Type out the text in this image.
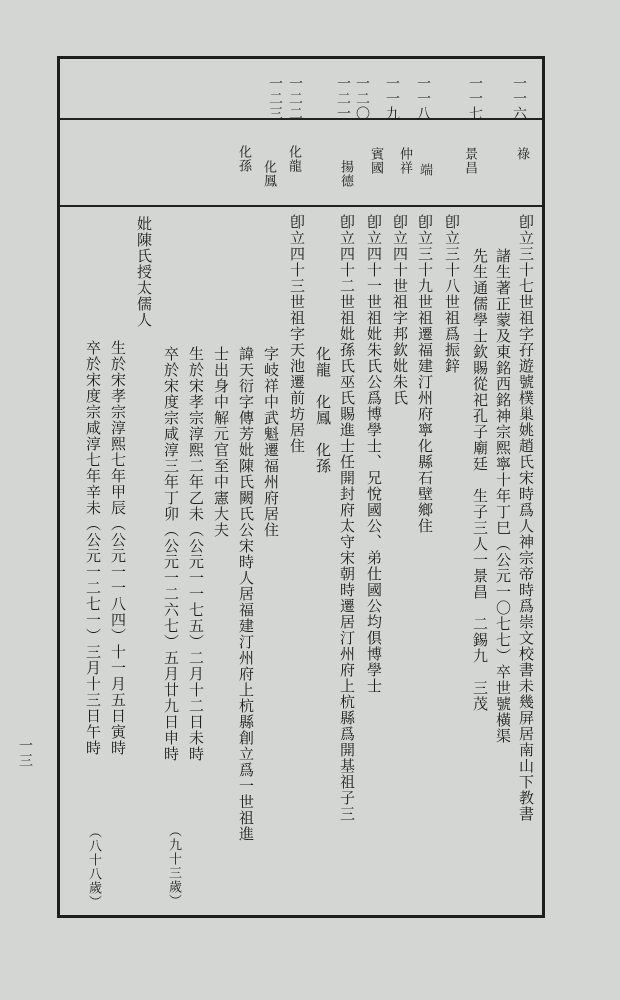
一一六
一一七
一一八
一一九
一二〇
一二一
一二二
一二三
祿
景昌
端
仲祥
賓國
揚德
化龍
化孫
化鳳
卽立三十七世祖字孖遊號樸巢姚趙氏宋時爲人神宗帝時爲崇文校書未幾屏居南山下教書
諸生著正蒙及東銘西銘神宗熙寧十年丁巳（公元一〇七七）卒世號橫渠
先生通儒學士欽賜從祀孔子廟廷　生子三人一景昌　二錫九　三茂
卽立三十八世祖爲振鋅
卽立三十九世祖遷福建汀州府寧化縣石壁鄉住
卽立四十世祖字邦欽妣朱氏
卽立四十一世祖妣朱氏公爲博學士、兄悅國公、弟仕國公均俱博學士
卽立四十二世祖妣孫氏巫氏賜進士任開封府太守宋朝時遷居汀州府上杭縣爲開基祖子三
化龍　化鳳　化孫
卽立四十三世祖字天池遷前坊居住
字岐祥中武魁遷福州府居住
諱天衍字傳芳妣陳氏闕氏公宋時人居福建汀州府上杭縣創立爲一世祖進
士出身中解元官至中憲大夫
生於宋孝宗淳熙二年乙未（公元一一七五）二月十二日未時
卒於宋度宗咸淳三年丁卯（公元一二六七）五月廿九日申時
妣陳氏授太儒人
生於宋孝宗淳熙七年甲辰（公元一一八四）十一月五日寅時
卒於宋度宗咸淳七年辛未（公元一二七一）三月十三日午時
（九十三歲）
（八十八歲）
一三
